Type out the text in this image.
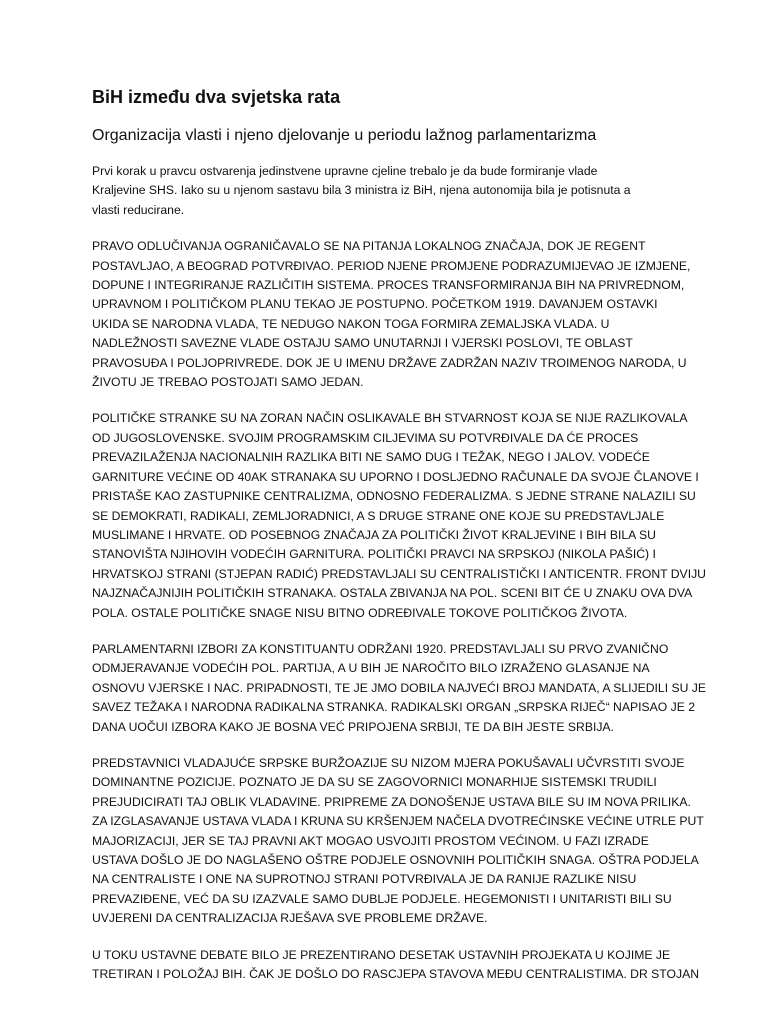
BiH između dva svjetska rata
Organizacija vlasti i njeno djelovanje u periodu lažnog parlamentarizma
Prvi korak u pravcu ostvarenja jedinstvene upravne cjeline trebalo je da bude formiranje vlade
Kraljevine SHS. Iako su u njenom sastavu bila 3 ministra iz BiH, njena autonomija bila je potisnuta a
vlasti reducirane.
PRAVO ODLUČIVANJA OGRANIČAVALO SE NA PITANJA LOKALNOG ZNAČAJA, DOK JE REGENT
POSTAVLJAO, A BEOGRAD POTVRĐIVAO. PERIOD NJENE PROMJENE PODRAZUMIJEVAO JE IZMJENE,
DOPUNE I INTEGRIRANJE RAZLIČITIH SISTEMA. PROCES TRANSFORMIRANJA BIH NA PRIVREDNOM,
UPRAVNOM I POLITIČKOM PLANU TEKAO JE POSTUPNO. POČETKOM 1919. DAVANJEM OSTAVKI
UKIDA SE NARODNA VLADA, TE NEDUGO NAKON TOGA FORMIRA ZEMALJSKA VLADA. U
NADLEŽNOSTI SAVEZNE VLADE OSTAJU SAMO UNUTARNJI I VJERSKI POSLOVI, TE OBLAST
PRAVOSUĐA I POLJOPRIVREDE. DOK JE U IMENU DRŽAVE ZADRŽAN NAZIV TROIMENOG NARODA, U
ŽIVOTU JE TREBAO POSTOJATI SAMO JEDAN.
POLITIČKE STRANKE SU NA ZORAN NAČIN OSLIKAVALE BH STVARNOST KOJA SE NIJE RAZLIKOVALA
OD JUGOSLOVENSKE. SVOJIM PROGRAMSKIM CILJEVIMA SU POTVRĐIVALE DA ĆE PROCES
PREVAZILAŽENJA NACIONALNIH RAZLIKA BITI NE SAMO DUG I TEŽAK, NEGO I JALOV. VODEĆE
GARNITURE VEĆINE OD 40AK STRANAKA SU UPORNO I DOSLJEDNO RAČUNALE DA SVOJE ČLANOVE I
PRISTAŠE KAO ZASTUPNIKE CENTRALIZMA, ODNOSNO FEDERALIZMA. S JEDNE STRANE NALAZILI SU
SE DEMOKRATI, RADIKALI, ZEMLJORADNICI, A S DRUGE STRANE ONE KOJE SU PREDSTAVLJALE
MUSLIMANE I HRVATE. OD POSEBNOG ZNAČAJA ZA POLITIČKI ŽIVOT KRALJEVINE I BIH BILA SU
STANOVIŠTA NJIHOVIH VODEĆIH GARNITURA. POLITIČKI PRAVCI NA SRPSKOJ (NIKOLA PAŠIĆ) I
HRVATSKOJ STRANI (STJEPAN RADIĆ) PREDSTAVLJALI SU CENTRALISTIČKI I ANTICENTR. FRONT DVIJU
NAJZNAČAJNIJIH POLITIČKIH STRANAKA. OSTALA ZBIVANJA NA POL. SCENI BIT ĆE U ZNAKU OVA DVA
POLA. OSTALE POLITIČKE SNAGE NISU BITNO ODREĐIVALE TOKOVE POLITIČKOG ŽIVOTA.
PARLAMENTARNI IZBORI ZA KONSTITUANTU ODRŽANI 1920. PREDSTAVLJALI SU PRVO ZVANIČNO
ODMJERAVANJE VODEĆIH POL. PARTIJA, A U BIH JE NAROČITO BILO IZRAŽENO GLASANJE NA
OSNOVU VJERSKE I NAC. PRIPADNOSTI, TE JE JMO DOBILA NAJVEĆI BROJ MANDATA, A SLIJEDILI SU JE
SAVEZ TEŽAKA I NARODNA RADIKALNA STRANKA. RADIKALSKI ORGAN „SRPSKA RIJEČ“ NAPISAO JE 2
DANA UOČUI IZBORA KAKO JE BOSNA VEĆ PRIPOJENA SRBIJI, TE DA BIH JESTE SRBIJA.
PREDSTAVNICI VLADAJUĆE SRPSKE BURŽOAZIJE SU NIZOM MJERA POKUŠAVALI UČVRSTITI SVOJE
DOMINANTNE POZICIJE. POZNATO JE DA SU SE ZAGOVORNICI MONARHIJE SISTEMSKI TRUDILI
PREJUDICIRATI TAJ OBLIK VLADAVINE. PRIPREME ZA DONOŠENJE USTAVA BILE SU IM NOVA PRILIKA.
ZA IZGLASAVANJE USTAVA VLADA I KRUNA SU KRŠENJEM NAČELA DVOTREĆINSKE VEĆINE UTRLE PUT
MAJORIZACIJI, JER SE TAJ PRAVNI AKT MOGAO USVOJITI PROSTOM VEĆINOM. U FAZI IZRADE
USTAVA DOŠLO JE DO NAGLAŠENO OŠTRE PODJELE OSNOVNIH POLITIČKIH SNAGA. OŠTRA PODJELA
NA CENTRALISTE I ONE NA SUPROTNOJ STRANI POTVRĐIVALA JE DA RANIJE RAZLIKE NISU
PREVAZIĐENE, VEĆ DA SU IZAZVALE SAMO DUBLJE PODJELE. HEGEMONISTI I UNITARISTI BILI SU
UVJERENI DA CENTRALIZACIJA RJEŠAVA SVE PROBLEME DRŽAVE.
U TOKU USTAVNE DEBATE BILO JE PREZENTIRANO DESETAK USTAVNIH PROJEKATA U KOJIME JE
TRETIRAN I POLOŽAJ BIH. ČAK JE DOŠLO DO RASCJEPA STAVOVA MEĐU CENTRALISTIMA. DR STOJAN
